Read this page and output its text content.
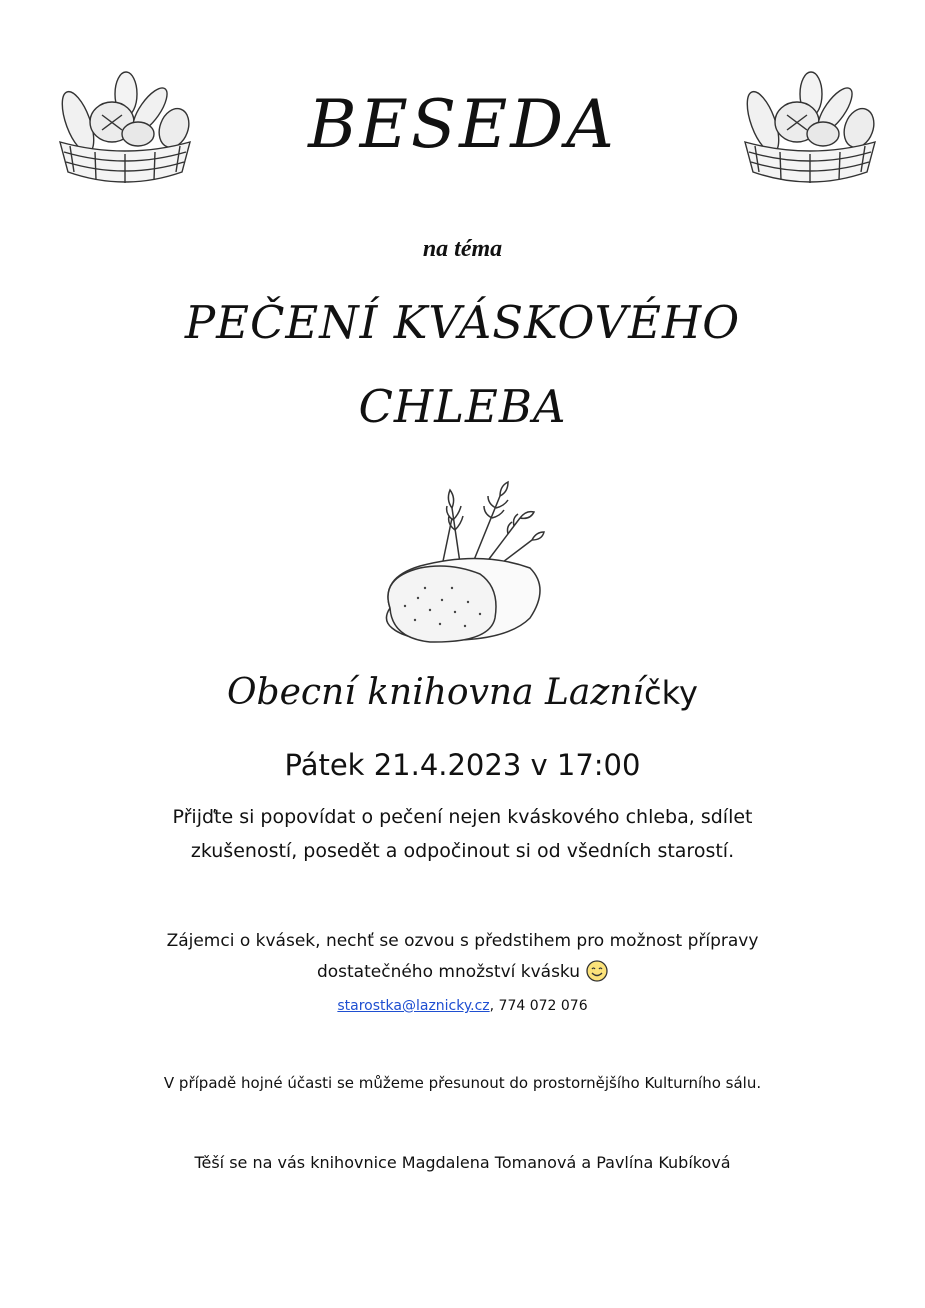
BESEDA
na téma
PEČENÍ KVÁSKOVÉHO
CHLEBA
Obecní knihovna Lazníčky
Pátek 21.4.2023 v 17:00
Přijďte si popovídat o pečení nejen kváskového chleba, sdílet
zkušeností, posedět a odpočinout si od všedních starostí.
Zájemci o kvásek, nechť se ozvou s předstihem pro možnost přípravy
dostatečného množství kvásku
starostka@laznicky.cz, 774 072 076
V případě hojné účasti se můžeme přesunout do prostornějšího Kulturního sálu.
Těší se na vás knihovnice Magdalena Tomanová a Pavlína Kubíková
